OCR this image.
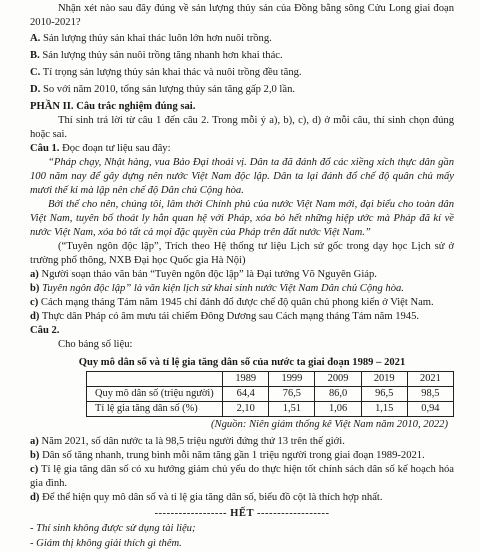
Nhận xét nào sau đây đúng về sản lượng thủy sản của Đồng bằng sông Cửu Long giai đoạn 2010-2021?

A. Sản lượng thủy sản khai thác luôn lớn hơn nuôi trồng.

B. Sản lượng thủy sản nuôi trồng tăng nhanh hơn khai thác.

C. Tỉ trọng sản lượng thủy sản khai thác và nuôi trồng đều tăng.

D. So với năm 2010, tổng sản lượng thủy sản tăng gấp 2,0 lần.

PHẦN II. Câu trắc nghiệm đúng sai.

Thí sinh trả lời từ câu 1 đến câu 2. Trong mỗi ý a), b), c), d) ở mỗi câu, thí sinh chọn đúng hoặc sai.

Câu 1. Đọc đoạn tư liệu sau đây:

“Pháp chạy, Nhật hàng, vua Bảo Đại thoái vị. Dân ta đã đánh đổ các xiềng xích thực dân gần 100 năm nay để gây dựng nên nước Việt Nam độc lập. Dân ta lại đánh đổ chế độ quân chủ mấy mươi thế kỉ mà lập nên chế độ Dân chủ Cộng hòa.

Bởi thế cho nên, chúng tôi, lâm thời Chính phủ của nước Việt Nam mới, đại biểu cho toàn dân Việt Nam, tuyên bố thoát ly hẳn quan hệ với Pháp, xóa bỏ hết những hiệp ước mà Pháp đã kí về nước Việt Nam, xóa bỏ tất cả mọi đặc quyền của Pháp trên đất nước Việt Nam.”

(“Tuyên ngôn độc lập”, Trích theo Hệ thống tư liệu Lịch sử gốc trong dạy học Lịch sử ở trường phổ thông, NXB Đại học Quốc gia Hà Nội)

a) Người soạn thảo văn bản “Tuyên ngôn độc lập” là Đại tướng Võ Nguyên Giáp.

b) Tuyên ngôn độc lập” là văn kiện lịch sử khai sinh nước Việt Nam Dân chủ Cộng hòa.

c) Cách mạng tháng Tám năm 1945 chỉ đánh đổ được chế độ quân chủ phong kiến ở Việt Nam.

d) Thực dân Pháp có âm mưu tái chiếm Đông Dương sau Cách mạng tháng Tám năm 1945.

Câu 2.

Cho bảng số liệu:

Quy mô dân số và tỉ lệ gia tăng dân số của nước ta giai đoạn 1989 – 2021

	1989	1999	2009	2019	2021
Quy mô dân số (triệu người)	64,4	76,5	86,0	96,5	98,5
Tỉ lệ gia tăng dân số (%)	2,10	1,51	1,06	1,15	0,94

(Nguồn: Niên giám thống kê Việt Nam năm 2010, 2022)

a) Năm 2021, số dân nước ta là 98,5 triệu người đứng thứ 13 trên thế giới.

b) Dân số tăng nhanh, trung bình mỗi năm tăng gần 1 triệu người trong giai đoạn 1989-2021.

c) Tỉ lệ gia tăng dân số có xu hướng giảm chủ yếu do thực hiện tốt chính sách dân số kế hoạch hóa gia đình.

d) Để thể hiện quy mô dân số và tỉ lệ gia tăng dân số, biểu đồ cột là thích hợp nhất.

------------------ HẾT ------------------

- Thí sinh không được sử dụng tài liệu;

- Giám thị không giải thích gì thêm.
